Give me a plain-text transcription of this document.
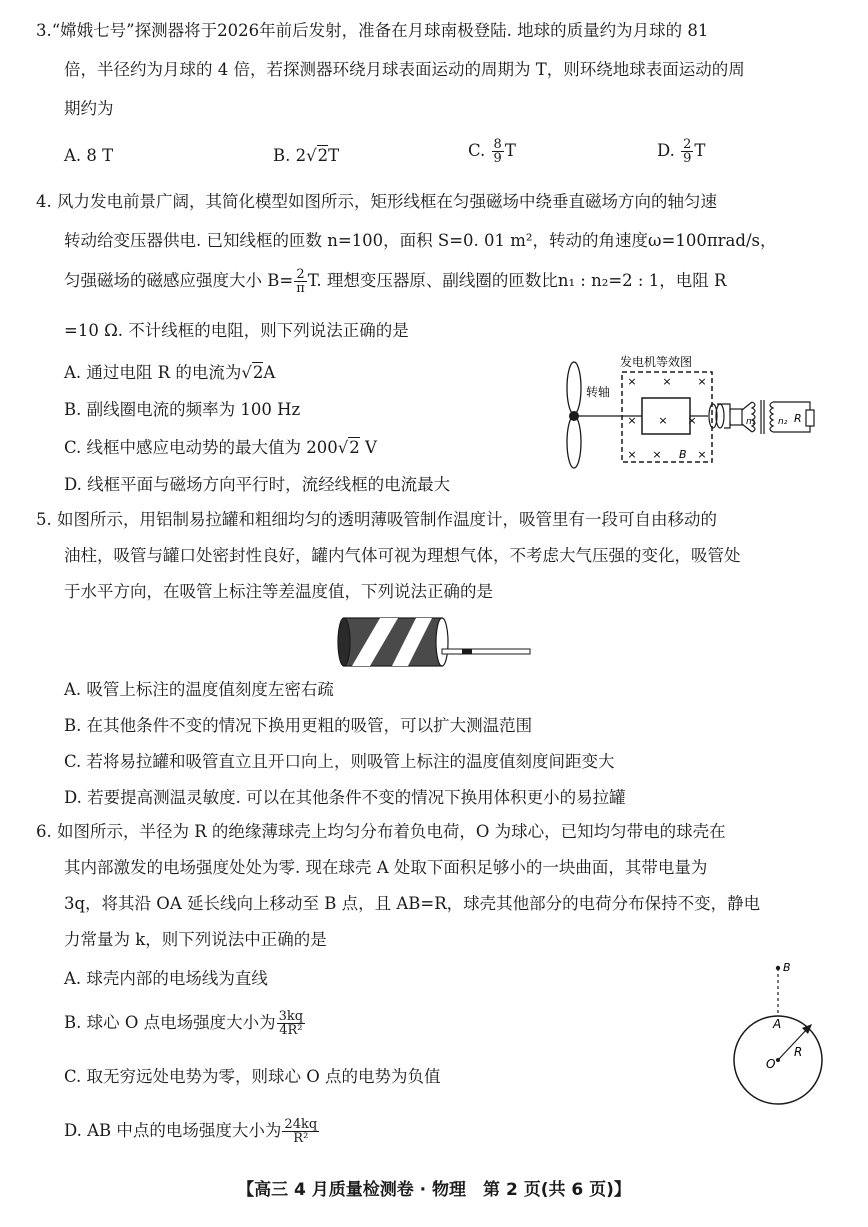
3.“嫦娥七号”探测器将于2026年前后发射，准备在月球南极登陆. 地球的质量约为月球的 81
倍，半径约为月球的 4 倍，若探测器环绕月球表面运动的周期为 T，则环绕地球表面运动的周
期约为
A. 8 T	B. 2√2T	C. $\frac{8}{9}$ T	D. $\frac{2}{9}$ T
4. 风力发电前景广阔，其简化模型如图所示，矩形线框在匀强磁场中绕垂直磁场方向的轴匀速
转动给变压器供电. 已知线框的匝数 n=100，面积 S=0. 01 m²，转动的角速度ω=100πrad/s，
匀强磁场的磁感应强度大小 $B= \frac{2}{\pi} T$. 理想变压器原、副线圈的匝数比n₁ : n₂=2 : 1，电阻 R
=10 Ω. 不计线框的电阻，则下列说法正确的是
A. 通过电阻 R 的电流为√2A
B. 副线圈电流的频率为 100 Hz
C. 线框中感应电动势的最大值为 200√2 V
D. 线框平面与磁场方向平行时，流经线框的电流最大
发电机等效图
× × ×
× × ×
× ×	×
B
转轴
n₁	n₂ R
5. 如图所示，用铝制易拉罐和粗细均匀的透明薄吸管制作温度计，吸管里有一段可自由移动的
油柱，吸管与罐口处密封性良好，罐内气体可视为理想气体，不考虑大气压强的变化，吸管处
于水平方向，在吸管上标注等差温度值，下列说法正确的是
A. 吸管上标注的温度值刻度左密右疏
B. 在其他条件不变的情况下换用更粗的吸管，可以扩大测温范围
C. 若将易拉罐和吸管直立且开口向上，则吸管上标注的温度值刻度间距变大
D. 若要提高测温灵敏度. 可以在其他条件不变的情况下换用体积更小的易拉罐
6. 如图所示，半径为 R 的绝缘薄球壳上均匀分布着负电荷，O 为球心，已知均匀带电的球壳在
其内部激发的电场强度处处为零. 现在球壳 A 处取下面积足够小的一块曲面，其带电量为
3q，将其沿 OA 延长线向上移动至 B 点，且 AB=R，球壳其他部分的电荷分布保持不变，静电
力常量为 k，则下列说法中正确的是
A. 球壳内部的电场线为直线
B. 球心 O 点电场强度大小为 $\frac{3kq}{\text{4R²}}$
C. 取无穷远处电势为零，则球心 O 点的电势为负值
D. AB 中点的电场强度大小为 $\frac{24kq}{\text{R²}}$
B
A
O
R
【高三 4 月质量检测卷 · 物理　第 2 页(共 6 页)】
